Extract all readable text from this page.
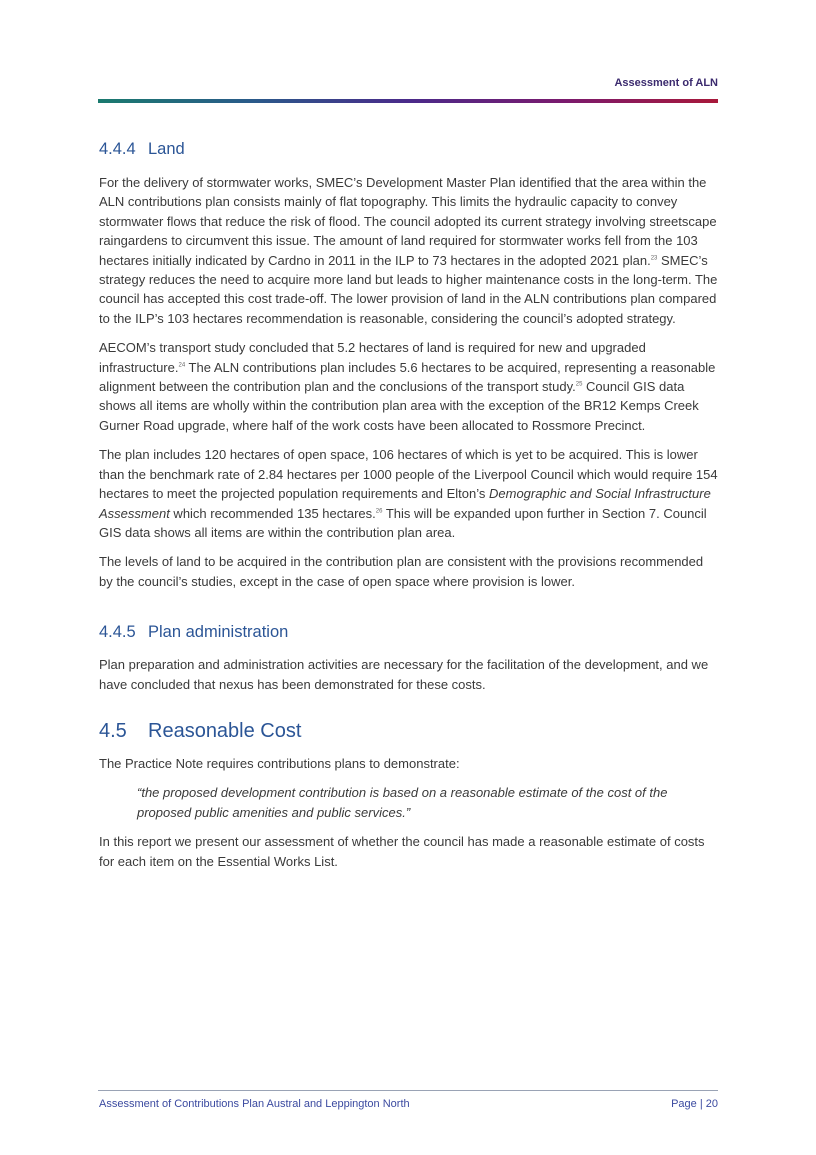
Assessment of ALN
4.4.4 Land

For the delivery of stormwater works, SMEC’s Development Master Plan identified that the area within the ALN contributions plan consists mainly of flat topography. This limits the hydraulic capacity to convey stormwater flows that reduce the risk of flood. The council adopted its current strategy involving streetscape raingardens to circumvent this issue. The amount of land required for stormwater works fell from the 103 hectares initially indicated by Cardno in 2011 in the ILP to 73 hectares in the adopted 2021 plan.$^{23}$ SMEC’s strategy reduces the need to acquire more land but leads to higher maintenance costs in the long-term. The council has accepted this cost trade-off. The lower provision of land in the ALN contributions plan compared to the ILP’s 103 hectares recommendation is reasonable, considering the council’s adopted strategy.

AECOM’s transport study concluded that 5.2 hectares of land is required for new and upgraded infrastructure.$^{24}$ The ALN contributions plan includes 5.6 hectares to be acquired, representing a reasonable alignment between the contribution plan and the conclusions of the transport study.$^{25}$ Council GIS data shows all items are wholly within the contribution plan area with the exception of the BR12 Kemps Creek Gurner Road upgrade, where half of the work costs have been allocated to Rossmore Precinct.

The plan includes 120 hectares of open space, 106 hectares of which is yet to be acquired. This is lower than the benchmark rate of 2.84 hectares per 1000 people of the Liverpool Council which would require 154 hectares to meet the projected population requirements and Elton’s Demographic and Social Infrastructure Assessment which recommended 135 hectares.$^{26}$ This will be expanded upon further in Section 7. Council GIS data shows all items are within the contribution plan area.

The levels of land to be acquired in the contribution plan are consistent with the provisions recommended by the council’s studies, except in the case of open space where provision is lower.

4.4.5 Plan administration

Plan preparation and administration activities are necessary for the facilitation of the development, and we have concluded that nexus has been demonstrated for these costs.

4.5 Reasonable Cost

The Practice Note requires contributions plans to demonstrate:

“the proposed development contribution is based on a reasonable estimate of the cost of the proposed public amenities and public services.”

In this report we present our assessment of whether the council has made a reasonable estimate of costs for each item on the Essential Works List.

Assessment of Contributions Plan Austral and Leppington North	Page | 20
